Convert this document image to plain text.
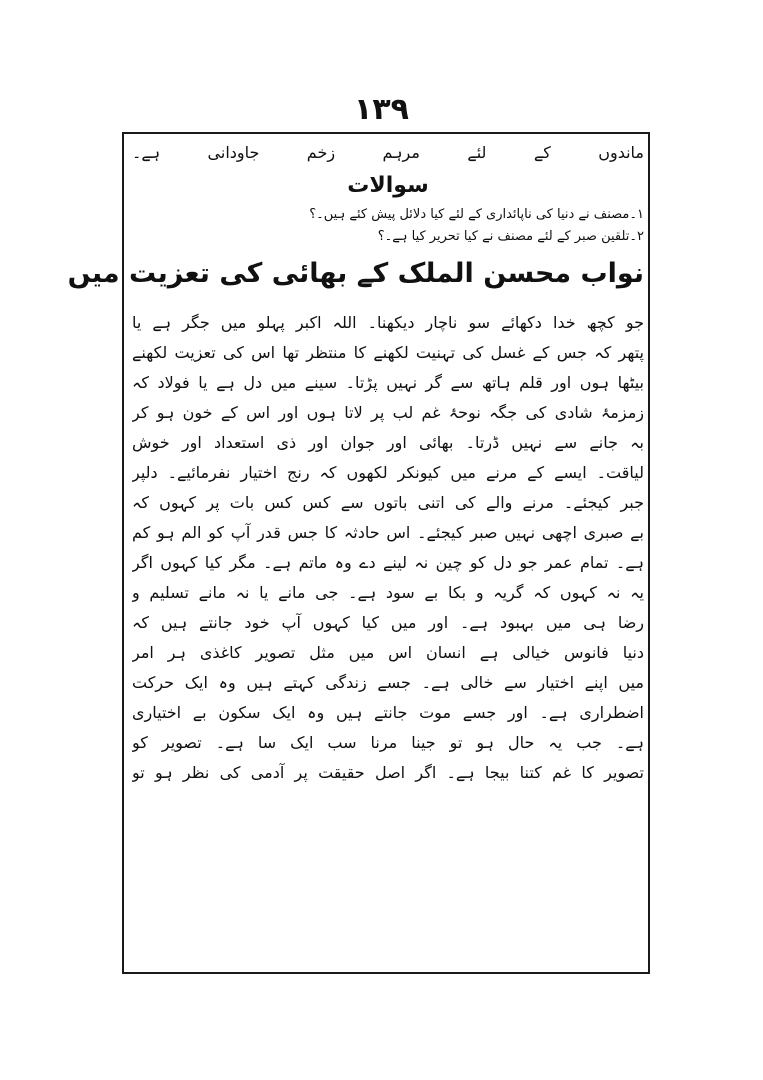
۱۳۹
ماندوں کے لئے مرہم زخم جاودانی ہے۔
سوالات
۱۔مصنف نے دنیا کی ناپائداری کے لئے کیا دلائل پیش کئے ہیں۔؟
۲۔تلقین صبر کے لئے مصنف نے کیا تحریر کیا ہے۔؟
نواب محسن الملک کے بھائی کی تعزیت میں
جو کچھ خدا دکھائے سو ناچار دیکھنا۔ اللہ اکبر پہلو میں جگر ہے یا
پتھر کہ جس کے غسل کی تہنیت لکھنے کا منتظر تھا اس کی تعزیت لکھنے
بیٹھا ہوں اور قلم ہاتھ سے گر نہیں پڑتا۔ سینے میں دل ہے یا فولاد کہ
زمزمۂ شادی کی جگہ نوحۂ غم لب پر لاتا ہوں اور اس کے خون ہو کر
بہ جانے سے نہیں ڈرتا۔ بھائی اور جوان اور ذی استعداد اور خوش
لیاقت۔ ایسے کے مرنے میں کیونکر لکھوں کہ رنج اختیار نفرمائیے۔ دلپر
جبر کیجئے۔ مرنے والے کی اتنی باتوں سے کس کس بات پر کہوں کہ
بے صبری اچھی نہیں صبر کیجئے۔ اس حادثہ کا جس قدر آپ کو الم ہو کم
ہے۔ تمام عمر جو دل کو چین نہ لینے دے وہ ماتم ہے۔ مگر کیا کہوں اگر
یہ نہ کہوں کہ گریہ و بکا بے سود ہے۔ جی مانے یا نہ مانے تسلیم و
رضا ہی میں بہبود ہے۔ اور میں کیا کہوں آپ خود جانتے ہیں کہ
دنیا فانوس خیالی ہے انسان اس میں مثل تصویر کاغذی ہر امر
میں اپنے اختیار سے خالی ہے۔ جسے زندگی کہتے ہیں وہ ایک حرکت
اضطراری ہے۔ اور جسے موت جانتے ہیں وہ ایک سکون بے اختیاری
ہے۔ جب یہ حال ہو تو جینا مرنا سب ایک سا ہے۔ تصویر کو
تصویر کا غم کتنا بیجا ہے۔ اگر اصل حقیقت پر آدمی کی نظر ہو تو
